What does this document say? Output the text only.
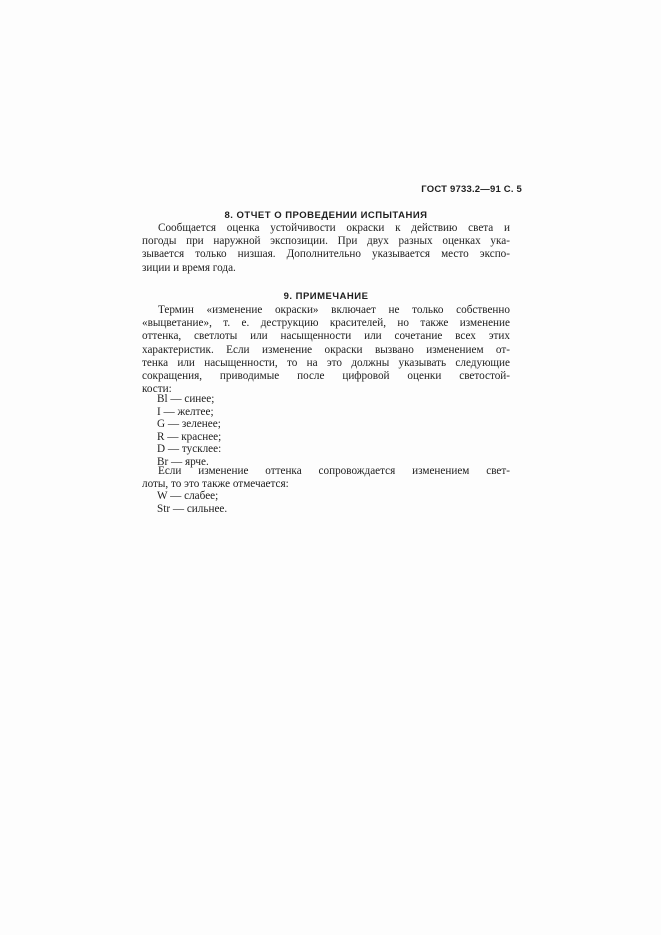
ГОСТ 9733.2—91 С. 5
8. ОТЧЕТ О ПРОВЕДЕНИИ ИСПЫТАНИЯ
Сообщается оценка устойчивости окраски к действию света и
погоды при наружной экспозиции. При двух разных оценках ука-
зывается только низшая. Дополнительно указывается место экспо-
зиции и время года.
9. ПРИМЕЧАНИЕ
Термин «изменение окраски» включает не только собственно
«выцветание», т. е. деструкцию красителей, но также изменение
оттенка, светлоты или насыщенности или сочетание всех этих
характеристик. Если изменение окраски вызвано изменением от-
тенка или насыщенности, то на это должны указывать следующие
сокращения, приводимые после цифровой оценки светостой-
кости:
Bl — синее;
I — желтее;
G — зеленее;
R — краснее;
D — тусклее:
Br — ярче.
Если изменение оттенка сопровождается изменением свет-
лоты, то это также отмечается:
W — слабее;
Str — сильнее.
